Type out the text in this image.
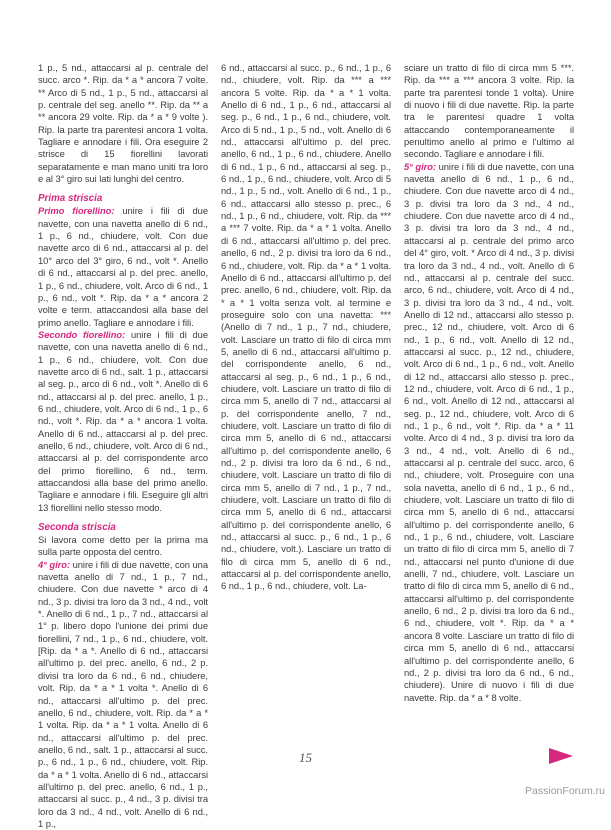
1 p., 5 nd., attaccarsi al p. centrale del succ. arco *. Rip. da * a * ancora 7 volte. ** Arco di 5 nd., 1 p., 5 nd., attaccarsi al p. centrale del seg. anello **. Rip. da ** a ** ancora 29 volte. Rip. da * a * 9 volte ). Rip. la parte tra parentesi ancora 1 volta. Tagliare e annodare i fili. Ora eseguire 2 strisce di 15 fiorellini lavorati separatamente e man mano uniti tra loro e al 3° giro sui lati lunghi del centro.

Prima striscia

Primo fiorellino: unire i fili di due navette, con una navetta anello di 6 nd., 1 p., 6 nd., chiudere, volt. Con due navette arco di 6 nd., attaccarsi al p. del 10° arco del 3° giro, 6 nd., volt *. Anello di 6 nd., attaccarsi al p. del prec. anello, 1 p., 6 nd., chiudere, volt. Arco di 6 nd., 1 p., 6 nd., volt *. Rip. da * a * ancora 2 volte e term. attaccandosi alla base del primo anello. Tagliare e annodare i fili.

Secondo fiorellino: unire i fili di due navette, con una navetta anello di 6 nd., 1 p., 6 nd., chiudere, volt. Con due navette arco di 6 nd., salt. 1 p., attaccarsi al seg. p., arco di 6 nd., volt *. Anello di 6 nd., attaccarsi al p. del prec. anello, 1 p., 6 nd., chiudere, volt. Arco di 6 nd., 1 p., 6 nd., volt *. Rip. da * a * ancora 1 volta. Anello di 6 nd., attaccarsi al p. del prec. anello, 6 nd., chiudere, volt. Arco di 6 nd., attaccarsi al p. del corrispondente arco del primo fiorellino, 6 nd., term. attaccandosi alla base del primo anello. Tagliare e annodare i fili. Eseguire gli altri 13 fiorellini nello stesso modo.

Seconda striscia

Si lavora come detto per la prima ma sulla parte opposta del centro.

4° giro: unire i fili di due navette, con una navetta anello di 7 nd., 1 p., 7 nd., chiudere. Con due navette * arco di 4 nd., 3 p. divisi tra loro da 3 nd., 4 nd., volt *. Anello di 6 nd., 1 p., 7 nd., attaccarsi al 1° p. libero dopo l'unione dei primi due fiorellini, 7 nd., 1 p., 6 nd., chiudere, volt. [Rip. da * a *. Anello di 6 nd., attaccarsi all'ultimo p. del prec. anello, 6 nd., 2 p. divisi tra loro da 6 nd., 6 nd., chiudere, volt. Rip. da * a * 1 volta *. Anello di 6 nd., attaccarsi all'ultimo p. del prec. anello, 6 nd., chiudere, volt. Rip. da * a * 1 volta. Rip. da * a * 1 volta. Anello di 6 nd., attaccarsi all'ultimo p. del prec. anello, 6 nd., salt. 1 p., attaccarsi al succ. p., 6 nd., 1 p., 6 nd., chiudere, volt. Rip. da * a * 1 volta. Anello di 6 nd., attaccarsi all'ultimo p. del prec. anello, 6 nd., 1 p., attaccarsi al succ. p., 4 nd., 3 p. divisi tra loro da 3 nd., 4 nd., volt. Anello di 6 nd., 1 p.,

6 nd., attaccarsi al succ. p., 6 nd., 1 p., 6 nd., chiudere, volt. Rip. da *** a *** ancora 5 volte. Rip. da * a * 1 volta. Anello di 6 nd., 1 p., 6 nd., attaccarsi al seg. p., 6 nd., 1 p., 6 nd., chiudere, volt. Arco di 5 nd., 1 p., 5 nd., volt. Anello di 6 nd., attaccarsi all'ultimo p. del prec. anello, 6 nd., 1 p., 6 nd., chiudere. Anello di 6 nd., 1 p., 6 nd., attaccarsi al seg. p., 6 nd., 1 p., 6 nd., chiudere, volt. Arco di 5 nd., 1 p., 5 nd., volt. Anello di 6 nd., 1 p., 6 nd., attaccarsi allo stesso p. prec., 6 nd., 1 p., 6 nd., chiudere, volt. Rip. da *** a *** 7 volte. Rip. da * a * 1 volta. Anello di 6 nd., attaccarsi all'ultimo p. del prec. anello, 6 nd., 2 p. divisi tra loro da 6 nd., 6 nd., chiudere, volt. Rip. da * a * 1 volta. Anello di 6 nd., attaccarsi all'ultimo p. del prec. anello, 6 nd., chiudere, volt. Rip. da * a * 1 volta senza volt. al termine e proseguire solo con una navetta: *** (Anello di 7 nd., 1 p., 7 nd., chiudere, volt. Lasciare un tratto di filo di circa mm 5, anello di 6 nd., attaccarsi all'ultimo p. del corrispondente anello, 6 nd., attaccarsi al seg. p., 6 nd., 1 p., 6 nd., chiudere, volt. Lasciare un tratto di filo di circa mm 5, anello di 7 nd., attaccarsi al p. del corrispondente anello, 7 nd., chiudere, volt. Lasciare un tratto di filo di circa mm 5, anello di 6 nd., attaccarsi all'ultimo p. del corrispondente anello, 6 nd., 2 p. divisi tra loro da 6 nd., 6 nd., chiudere, volt. Lasciare un tratto di filo di circa mm 5, anello di 7 nd., 1 p., 7 nd., chiudere, volt. Lasciare un tratto di filo di circa mm 5, anello di 6 nd., attaccarsi all'ultimo p. del corrispondente anello, 6 nd., attaccarsi al succ. p., 6 nd., 1 p., 6 nd., chiudere, volt.). Lasciare un tratto di filo di circa mm 5, anello di 6 nd., attaccarsi al p. del corrispondente anello, 6 nd., 1 p., 6 nd., chiudere, volt. La-

sciare un tratto di filo di circa mm 5 ***. Rip. da *** a *** ancora 3 volte. Rip. la parte tra parentesi tonde 1 volta). Unire di nuovo i fili di due navette. Rip. la parte tra le parentesi quadre 1 volta attaccando contemporaneamente il penultimo anello al primo e l'ultimo al secondo. Tagliare e annodare i fili.

5° giro: unire i fili di due navette, con una navetta anello di 6 nd., 1 p., 6 nd., chiudere. Con due navette arco di 4 nd., 3 p. divisi tra loro da 3 nd., 4 nd., chiudere. Con due navette arco di 4 nd., 3 p. divisi tra loro da 3 nd., 4 nd., attaccarsi al p. centrale del primo arco del 4° giro, volt. * Arco di 4 nd., 3 p. divisi tra loro da 3 nd., 4 nd., volt. Anello di 6 nd., attaccarsi al p. centrale del succ. arco, 6 nd., chiudere, volt. Arco di 4 nd., 3 p. divisi tra loro da 3 nd., 4 nd., volt. Anello di 12 nd., attaccarsi allo stesso p. prec., 12 nd., chiudere, volt. Arco di 6 nd., 1 p., 6 nd., volt. Anello di 12 nd., attaccarsi al succ. p., 12 nd., chiudere, volt. Arco di 6 nd., 1 p., 6 nd., volt. Anello di 12 nd., attaccarsi allo stesso p. prec., 12 nd., chiudere, volt. Arco di 6 nd., 1 p., 6 nd., volt. Anello di 12 nd., attaccarsi al seg. p., 12 nd., chiudere, volt. Arco di 6 nd., 1 p., 6 nd., volt *. Rip. da * a * 11 volte. Arco di 4 nd., 3 p. divisi tra loro da 3 nd., 4 nd., volt. Anello di 6 nd., attaccarsi al p. centrale del succ. arco, 6 nd., chiudere, volt. Proseguire con una sola navetta, anello di 6 nd., 1 p., 6 nd., chiudere, volt. Lasciare un tratto di filo di circa mm 5, anello di 6 nd., attaccarsi all'ultimo p. del corrispondente anello, 6 nd., 1 p., 6 nd., chiudere, volt. Lasciare un tratto di filo di circa mm 5, anello di 7 nd., attaccarsi nel punto d'unione di due anelli, 7 nd., chiudere, volt. Lasciare un tratto di filo di circa mm 5, anello di 6 nd., attaccarsi all'ultimo p. del corrispondente anello, 6 nd., 2 p. divisi tra loro da 6 nd., 6 nd., chiudere, volt *. Rip. da * a * ancora 8 volte. Lasciare un tratto di filo di circa mm 5, anello di 6 nd., attaccarsi all'ultimo p. del corrispondente anello, 6 nd., 2 p. divisi tra loro da 6 nd., 6 nd., chiudere). Unire di nuovo i fili di due navette. Rip. da * a * 8 volte.

15
PassionForum.ru
